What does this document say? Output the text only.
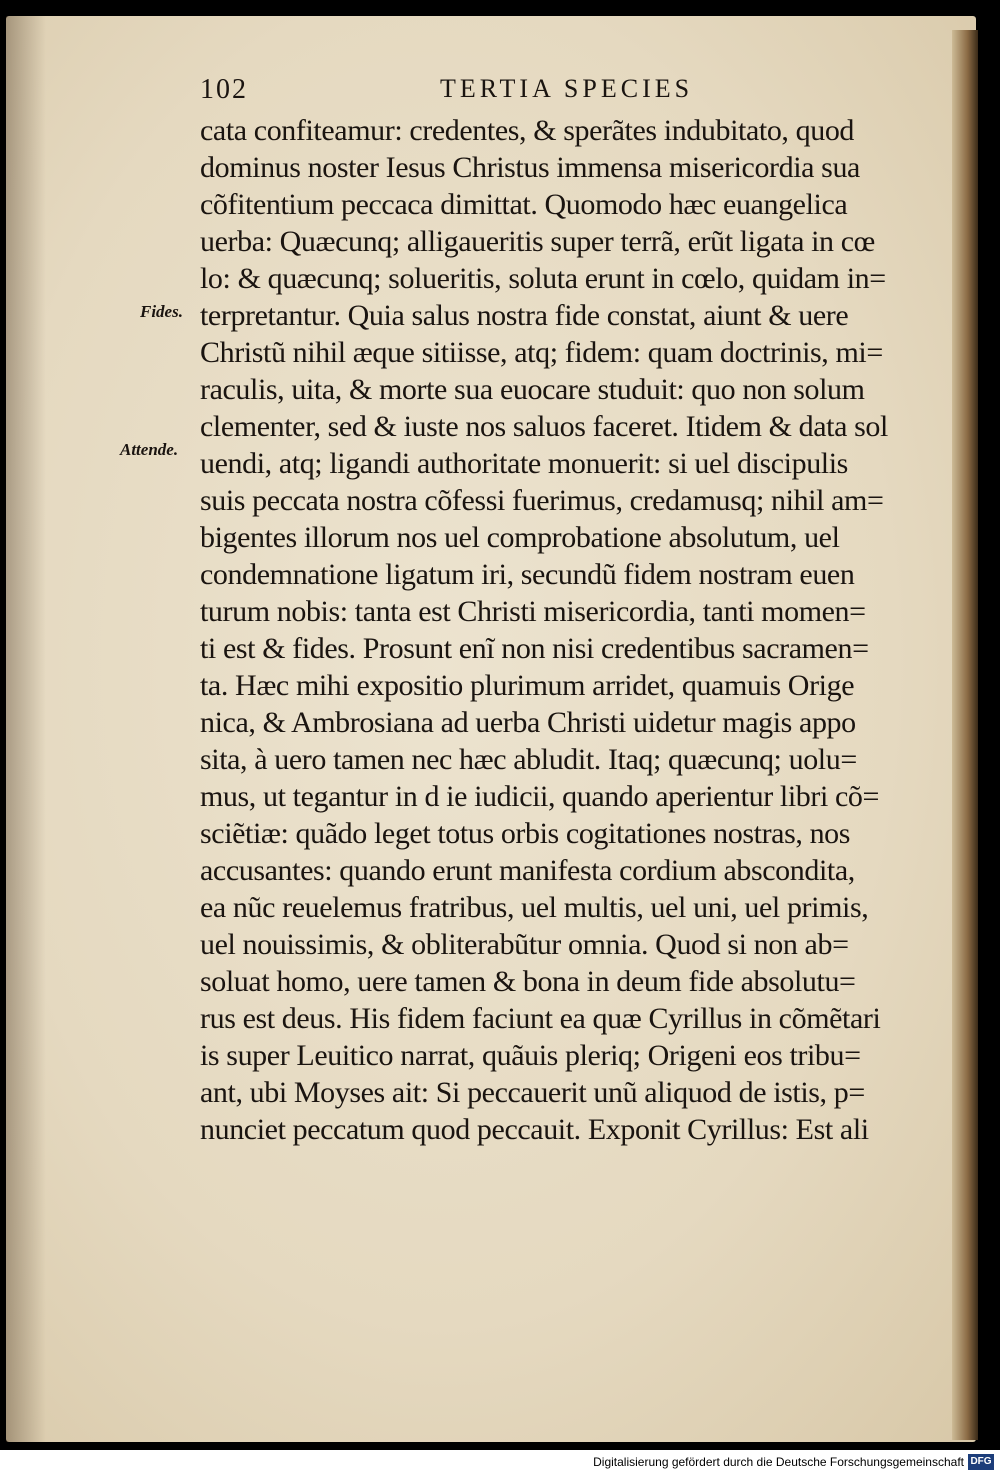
102	TERTIA SPECIES
Fides.
Attende.
cata confiteamur: credentes, & sperãtes indubitato, quod
dominus noster Iesus Christus immensa misericordia sua
cõfitentium peccaca dimittat. Quomodo hæc euangelica
uerba: Quæcunq; alligaueritis super terrã, erũt ligata in cœ
lo: & quæcunq; solueritis, soluta erunt in cœlo, quidam in=
terpretantur. Quia salus nostra fide constat, aiunt & uere
Christũ nihil æque sitiisse, atq; fidem: quam doctrinis, mi=
raculis, uita, & morte sua euocare studuit: quo non solum
clementer, sed & iuste nos saluos faceret. Itidem & data sol
uendi, atq; ligandi authoritate monuerit: si uel discipulis
suis peccata nostra cõfessi fuerimus, credamusq; nihil am=
bigentes illorum nos uel comprobatione absolutum, uel
condemnatione ligatum iri, secundũ fidem nostram euen
turum nobis: tanta est Christi misericordia, tanti momen=
ti est & fides. Prosunt enĩ non nisi credentibus sacramen=
ta. Hæc mihi expositio plurimum arridet, quamuis Orige
nica, & Ambrosiana ad uerba Christi uidetur magis appo
sita, à uero tamen nec hæc abludit. Itaq; quæcunq; uolu=
mus, ut tegantur in d ie iudicii, quando aperientur libri cõ=
sciẽtiæ: quãdo leget totus orbis cogitationes nostras, nos
accusantes: quando erunt manifesta cordium abscondita,
ea nũc reuelemus fratribus, uel multis, uel uni, uel primis,
uel nouissimis, & obliterabũtur omnia. Quod si non ab=
soluat homo, uere tamen & bona in deum fide absolutu=
rus est deus. His fidem faciunt ea quæ Cyrillus in cõmẽtari
is super Leuitico narrat, quãuis pleriq; Origeni eos tribu=
ant, ubi Moyses ait: Si peccauerit unũ aliquod de istis, p=
nunciet peccatum quod peccauit. Exponit Cyrillus: Est ali
Digitalisierung gefördert durch die Deutsche Forschungsgemeinschaft DFG
